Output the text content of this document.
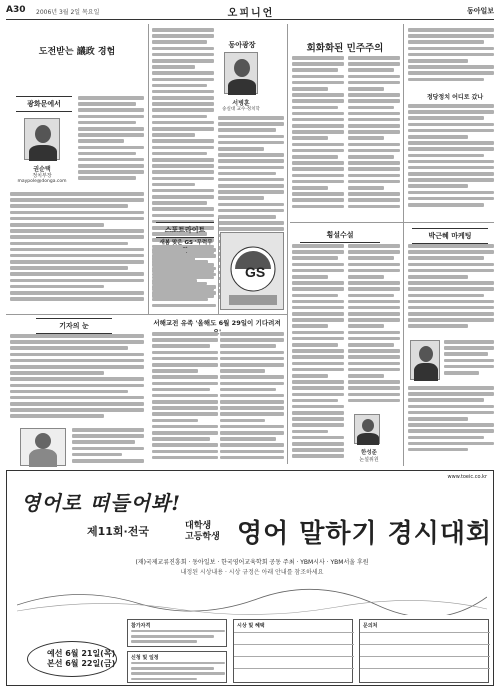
A30 2006년 3월 2일 목요일	오피니언	동아일보
도전받는 議政 경험
광화문에서
권순택
정치부장
maypole@donga.com
기자의 눈
동아광장
서병훈
숭실대 교수·정치학
스포트라이트
새봄 맞은 GS '무럭무
GS
서해교전 유족 '올해도 6월 29일이 기다려져
회화화된 민주주의
정당정치 어디로 갔나
횡설수설
한성준
논설위원
박근혜 마케팅
www.toeic.co.kr
영어로 떠들어봐!
제11회·전국	대학생
고등학생 영어 말하기 경시대회
(재)국제교류진흥회 · 동아일보 · 한국영어교육학회 공동 주최 · YBM시사 · YBM서울 후원
내정된 시상내용 · 시상 규정은 아래 안내를 참조하세요
예선 6월 21일(목)
본선 6월 22일(금)
참가자격
신청 및 일정
시상 및 혜택	문의처
